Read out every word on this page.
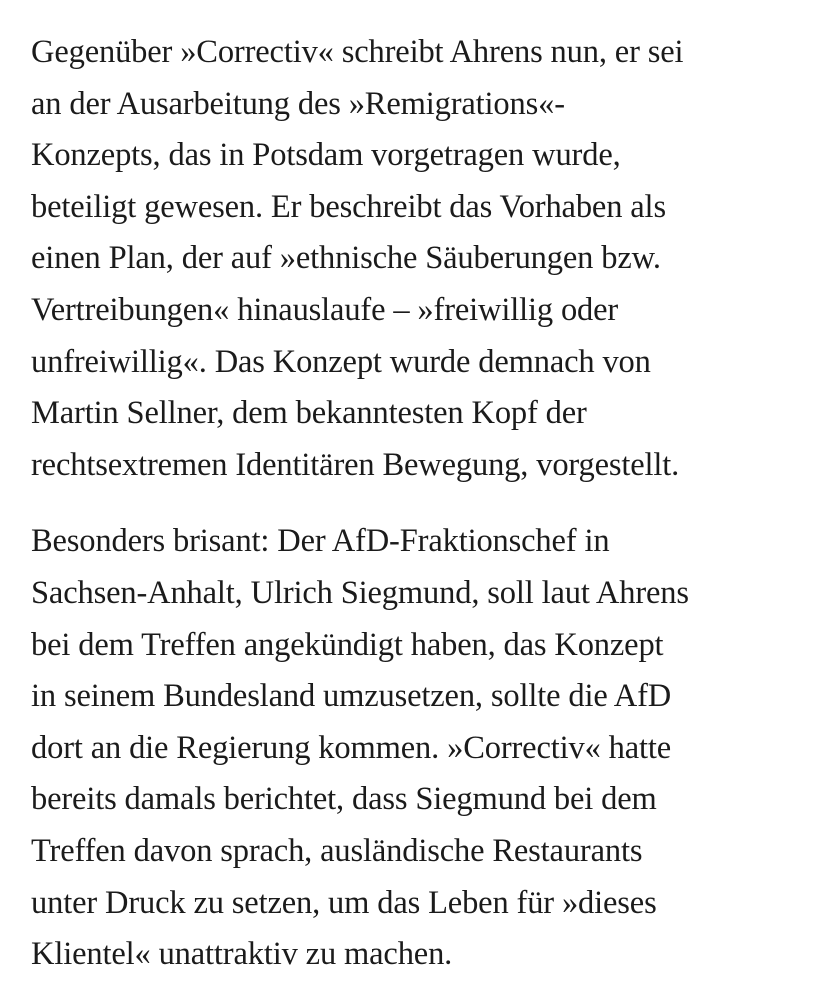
Gegenüber »Correctiv« schreibt Ahrens nun, er sei
an der Ausarbeitung des »Remigrations«-
Konzepts, das in Potsdam vorgetragen wurde,
beteiligt gewesen. Er beschreibt das Vorhaben als
einen Plan, der auf »ethnische Säuberungen bzw.
Vertreibungen« hinauslaufe – »freiwillig oder
unfreiwillig«. Das Konzept wurde demnach von
Martin Sellner, dem bekanntesten Kopf der
rechtsextremen Identitären Bewegung, vorgestellt.

Besonders brisant: Der AfD-Fraktionschef in
Sachsen-Anhalt, Ulrich Siegmund, soll laut Ahrens
bei dem Treffen angekündigt haben, das Konzept
in seinem Bundesland umzusetzen, sollte die AfD
dort an die Regierung kommen. »Correctiv« hatte
bereits damals berichtet, dass Siegmund bei dem
Treffen davon sprach, ausländische Restaurants
unter Druck zu setzen, um das Leben für »dieses
Klientel« unattraktiv zu machen.
